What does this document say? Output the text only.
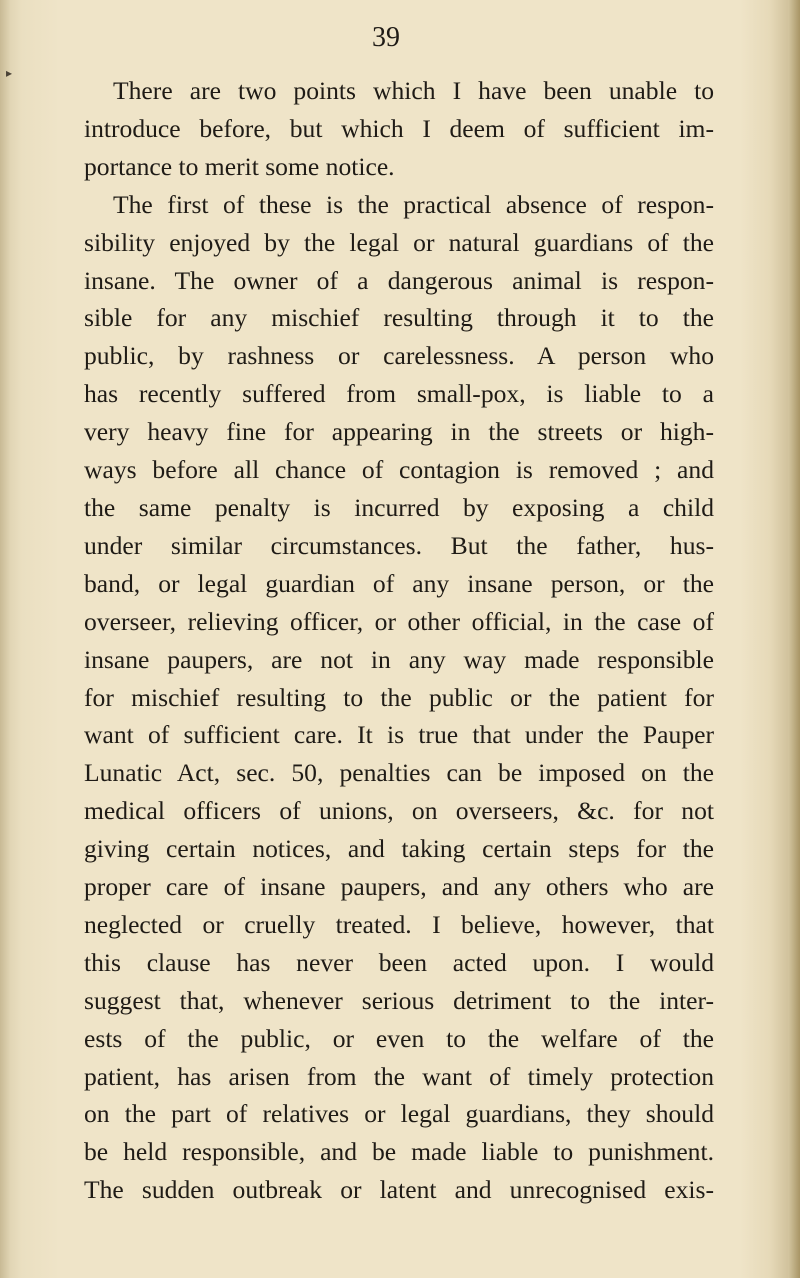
▸
39
There are two points which I have been unable to
introduce before, but which I deem of sufficient im-
portance to merit some notice.
The first of these is the practical absence of respon-
sibility enjoyed by the legal or natural guardians of the
insane. The owner of a dangerous animal is respon-
sible for any mischief resulting through it to the
public, by rashness or carelessness. A person who
has recently suffered from small-pox, is liable to a
very heavy fine for appearing in the streets or high-
ways before all chance of contagion is removed ; and
the same penalty is incurred by exposing a child
under similar circumstances. But the father, hus-
band, or legal guardian of any insane person, or the
overseer, relieving officer, or other official, in the case of
insane paupers, are not in any way made responsible
for mischief resulting to the public or the patient for
want of sufficient care. It is true that under the Pauper
Lunatic Act, sec. 50, penalties can be imposed on the
medical officers of unions, on overseers, &c. for not
giving certain notices, and taking certain steps for the
proper care of insane paupers, and any others who are
neglected or cruelly treated. I believe, however, that
this clause has never been acted upon. I would
suggest that, whenever serious detriment to the inter-
ests of the public, or even to the welfare of the
patient, has arisen from the want of timely protection
on the part of relatives or legal guardians, they should
be held responsible, and be made liable to punishment.
The sudden outbreak or latent and unrecognised exis-
